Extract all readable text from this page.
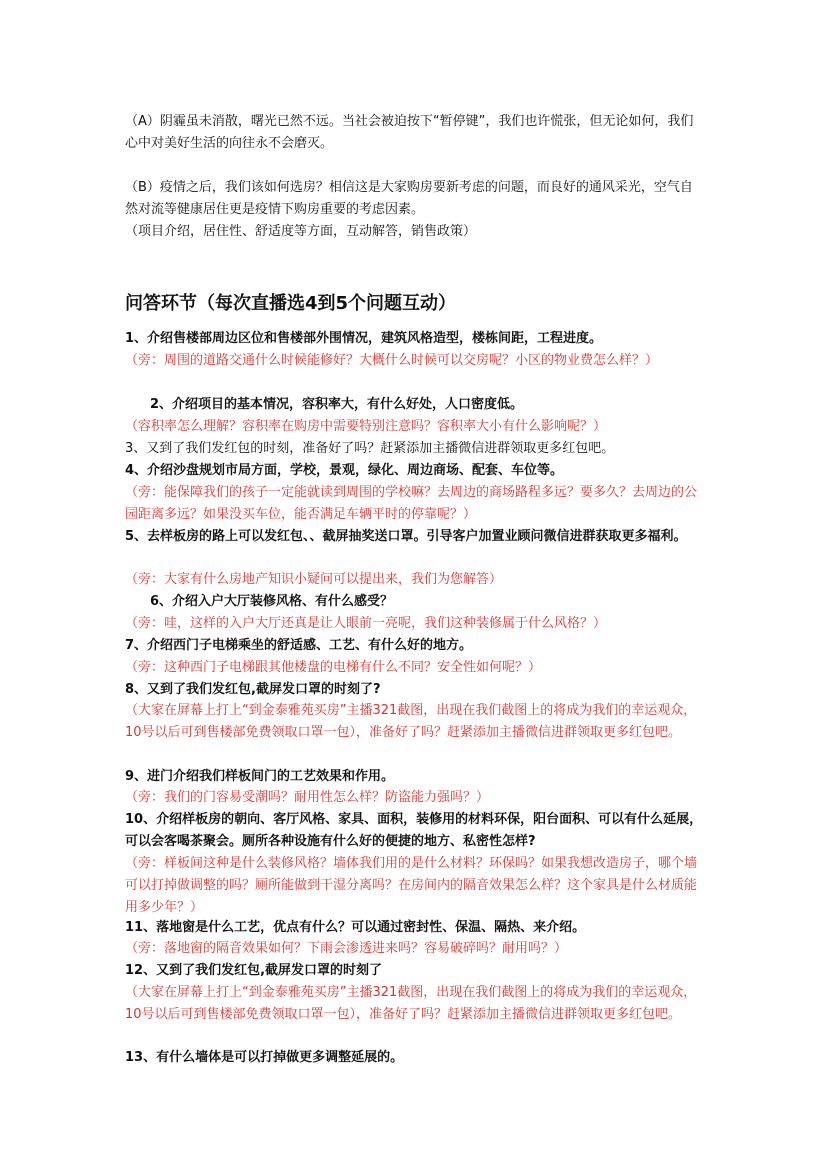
（A）阴霾虽未消散，曙光已然不远。当社会被迫按下“暂停键”，我们也许慌张，但无论如何，我们心中对美好生活的向往永不会磨灭。
（B）疫情之后，我们该如何选房？相信这是大家购房要新考虑的问题，而良好的通风采光，空气自然对流等健康居住更是疫情下购房重要的考虑因素。
（项目介绍，居住性、舒适度等方面，互动解答，销售政策）
问答环节（每次直播选4到5个问题互动）
1、介绍售楼部周边区位和售楼部外围情况，建筑风格造型，楼栋间距，工程进度。
（旁：周围的道路交通什么时候能修好？大概什么时候可以交房呢？小区的物业费怎么样？）
2、介绍项目的基本情况，容积率大，有什么好处，人口密度低。
（容积率怎么理解？容积率在购房中需要特别注意吗？容积率大小有什么影响呢？）
3、又到了我们发红包的时刻，准备好了吗？赶紧添加主播微信进群领取更多红包吧。
4、介绍沙盘规划市局方面，学校，景观，绿化、周边商场、配套、车位等。
（旁：能保障我们的孩子一定能就读到周围的学校嘛？去周边的商场路程多远？要多久？去周边的公园距离多远？如果没买车位，能否满足车辆平时的停靠呢？）
5、去样板房的路上可以发红包、、截屏抽奖送口罩。引导客户加置业顾问微信进群获取更多福利。
（旁：大家有什么房地产知识小疑问可以提出来，我们为您解答）
6、介绍入户大厅装修风格、有什么感受？
（旁：哇，这样的入户大厅还真是让人眼前一亮呢，我们这种装修属于什么风格？）
7、介绍西门子电梯乘坐的舒适感、工艺、有什么好的地方。
（旁：这种西门子电梯跟其他楼盘的电梯有什么不同？安全性如何呢？）
8、又到了我们发红包,截屏发口罩的时刻了?
（大家在屏幕上打上“到金泰雅苑买房”主播321截图，出现在我们截图上的将成为我们的幸运观众，10号以后可到售楼部免费领取口罩一包），准备好了吗？赶紧添加主播微信进群领取更多红包吧。
9、进门介绍我们样板间门的工艺效果和作用。
（旁：我们的门容易受潮吗？耐用性怎么样？防盗能力强吗？）
10、介绍样板房的朝向、客厅风格、家具、面积，装修用的材料环保，阳台面积、可以有什么延展，可以会客喝茶聚会。厕所各种设施有什么好的便捷的地方、私密性怎样?
（旁：样板间这种是什么装修风格？墙体我们用的是什么材料？环保吗？如果我想改造房子，哪个墙可以打掉做调整的吗？厕所能做到干湿分离吗？在房间内的隔音效果怎么样？这个家具是什么材质能用多少年？）
11、落地窗是什么工艺，优点有什么？可以通过密封性、保温、隔热、来介绍。
（旁：落地窗的隔音效果如何？下雨会渗透进来吗？容易破碎吗？耐用吗？）
12、又到了我们发红包,截屏发口罩的时刻了
（大家在屏幕上打上“到金泰雅苑买房”主播321截图，出现在我们截图上的将成为我们的幸运观众，10号以后可到售楼部免费领取口罩一包），准备好了吗？赶紧添加主播微信进群领取更多红包吧。
13、有什么墙体是可以打掉做更多调整延展的。
